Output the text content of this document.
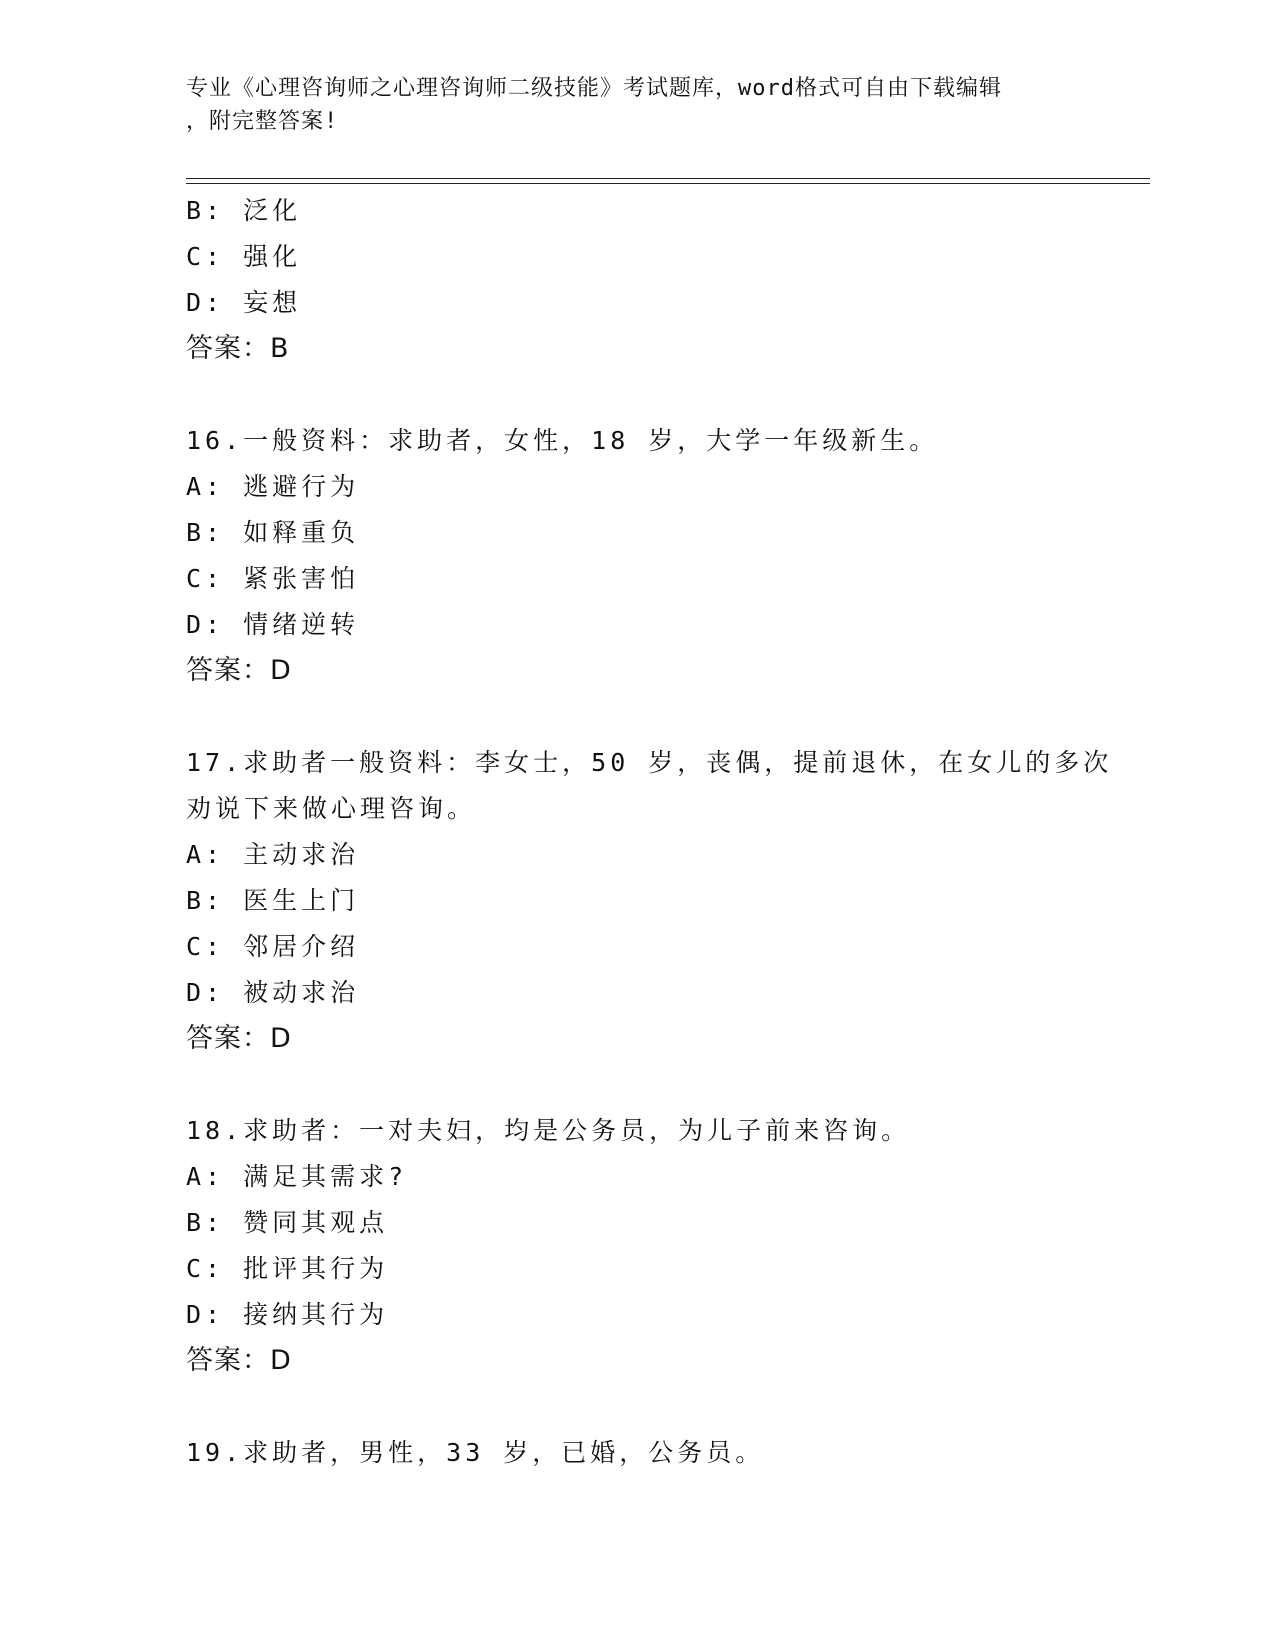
专业《心理咨询师之心理咨询师二级技能》考试题库，word格式可自由下载编辑
，附完整答案!
B: 泛化
C: 强化
D: 妄想
答案：B
16.一般资料：求助者，女性，18 岁，大学一年级新生。
A: 逃避行为
B: 如释重负
C: 紧张害怕
D: 情绪逆转
答案：D
17.求助者一般资料：李女士，50 岁，丧偶，提前退休，在女儿的多次
劝说下来做心理咨询。
A: 主动求治
B: 医生上门
C: 邻居介绍
D: 被动求治
答案：D
18.求助者：一对夫妇，均是公务员，为儿子前来咨询。
A: 满足其需求?
B: 赞同其观点
C: 批评其行为
D: 接纳其行为
答案：D
19.求助者，男性，33 岁，已婚，公务员。
